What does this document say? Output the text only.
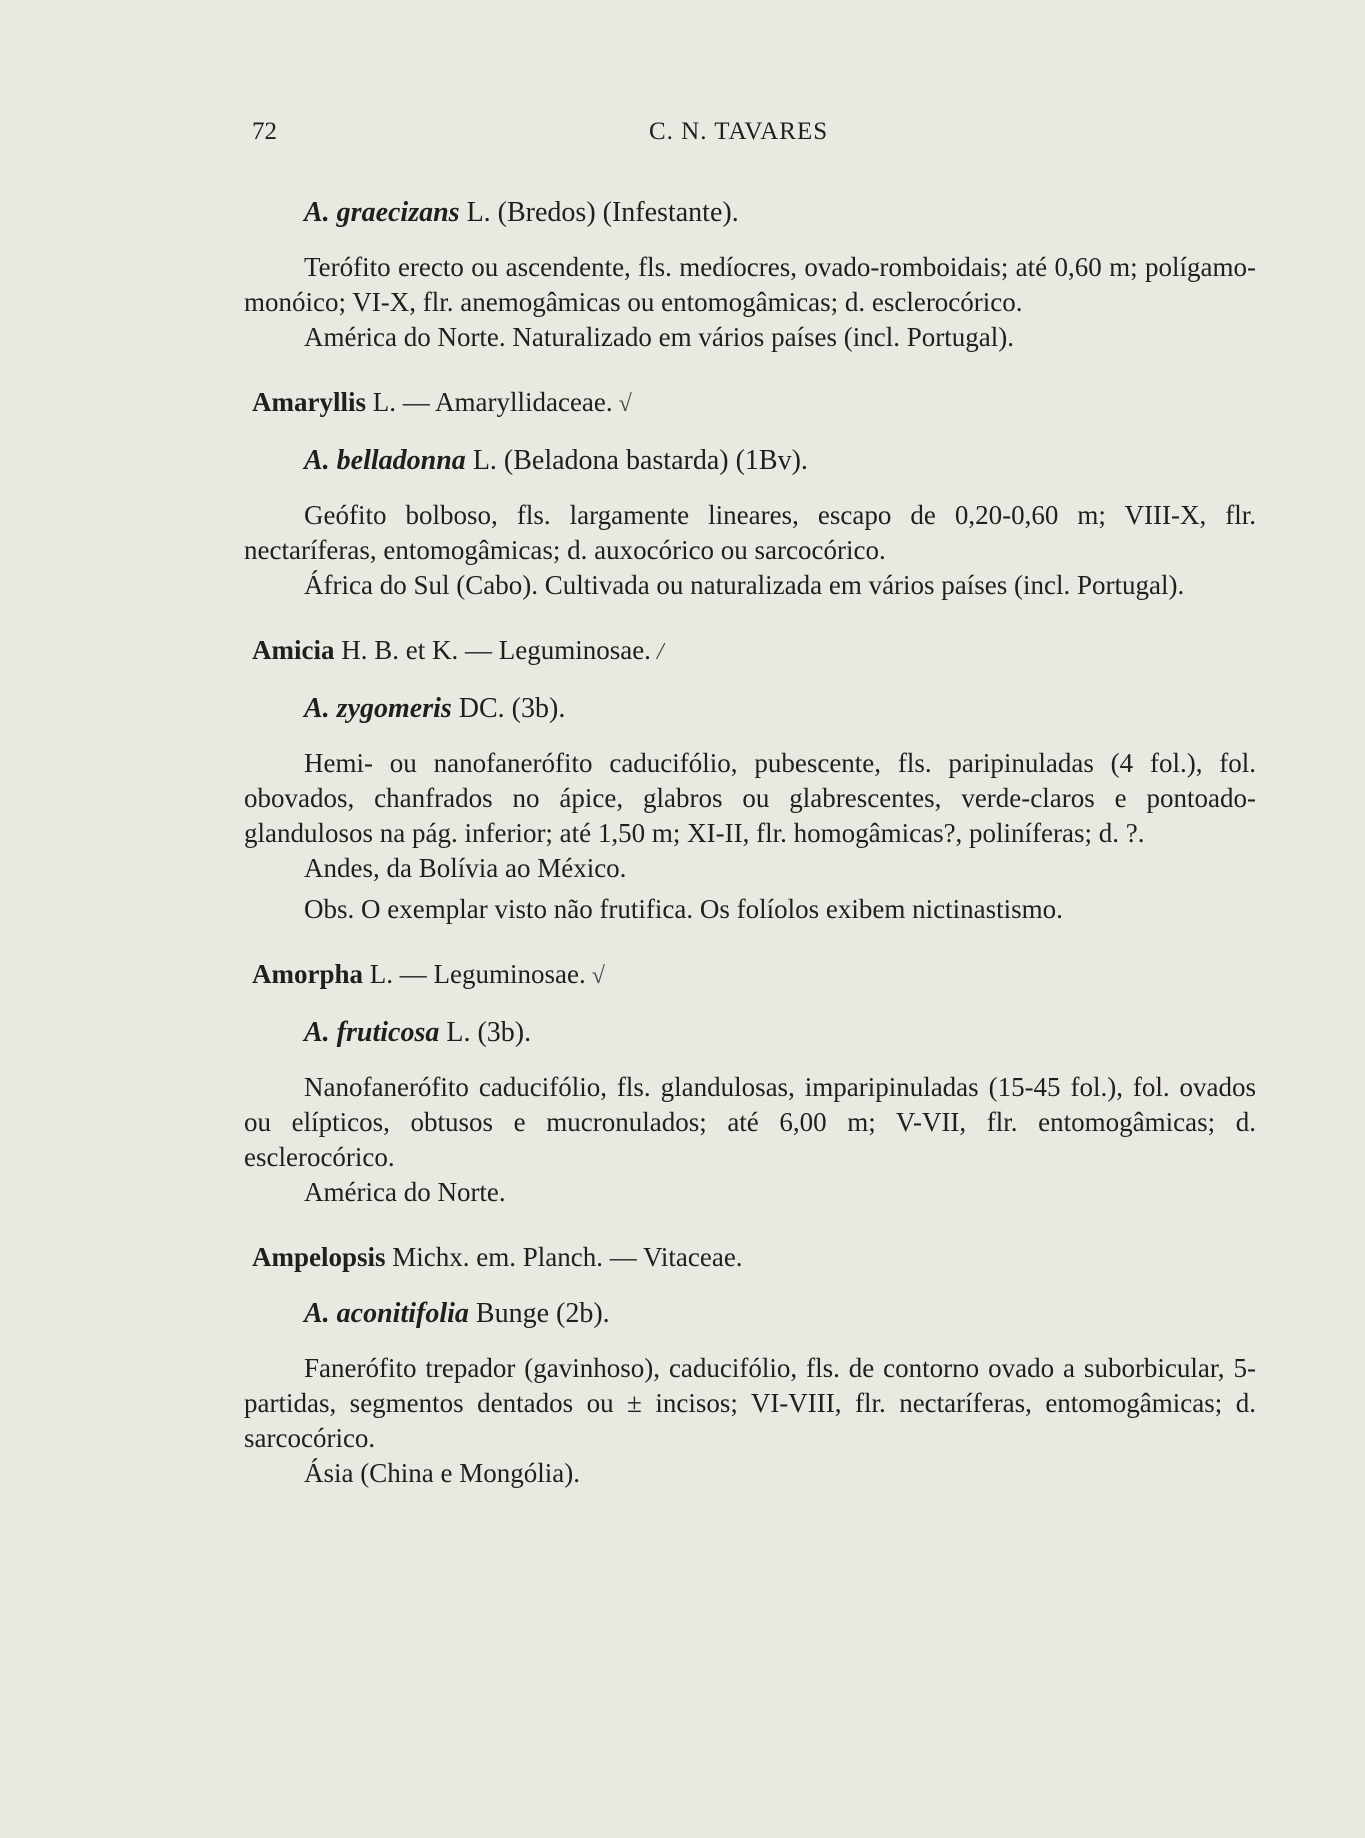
72	C. N. TAVARES
A. graecizans L. (Bredos) (Infestante).

Terófito erecto ou ascendente, fls. medíocres, ovado-romboidais; até 0,60 m; polígamo-monóico; VI-X, flr. anemogâmicas ou entomogâmicas; d. esclerocórico.

América do Norte. Naturalizado em vários países (incl. Portugal).

Amaryllis L. — Amaryllidaceae. √
A. belladonna L. (Beladona bastarda) (1Bv).

Geófito bolboso, fls. largamente lineares, escapo de 0,20-0,60 m; VIII-X, flr. nectaríferas, entomogâmicas; d. auxocórico ou sarcocórico.

África do Sul (Cabo). Cultivada ou naturalizada em vários países (incl. Portugal).

Amicia H. B. et K. — Leguminosae. /
A. zygomeris DC. (3b).

Hemi- ou nanofanerófito caducifólio, pubescente, fls. paripinuladas (4 fol.), fol. obovados, chanfrados no ápice, glabros ou glabrescentes, verde-claros e pontoado-glandulosos na pág. inferior; até 1,50 m; XI-II, flr. homogâmicas?, poliníferas; d. ?.

Andes, da Bolívia ao México.

Obs. O exemplar visto não frutifica. Os folíolos exibem nictinastismo.

Amorpha L. — Leguminosae. √
A. fruticosa L. (3b).

Nanofanerófito caducifólio, fls. glandulosas, imparipinuladas (15-45 fol.), fol. ovados ou elípticos, obtusos e mucronulados; até 6,00 m; V-VII, flr. entomogâmicas; d. esclerocórico.

América do Norte.

Ampelopsis Michx. em. Planch. — Vitaceae.
A. aconitifolia Bunge (2b).

Fanerófito trepador (gavinhoso), caducifólio, fls. de contorno ovado a suborbicular, 5-partidas, segmentos dentados ou ± incisos; VI-VIII, flr. nectaríferas, entomogâmicas; d. sarcocórico.

Ásia (China e Mongólia).
